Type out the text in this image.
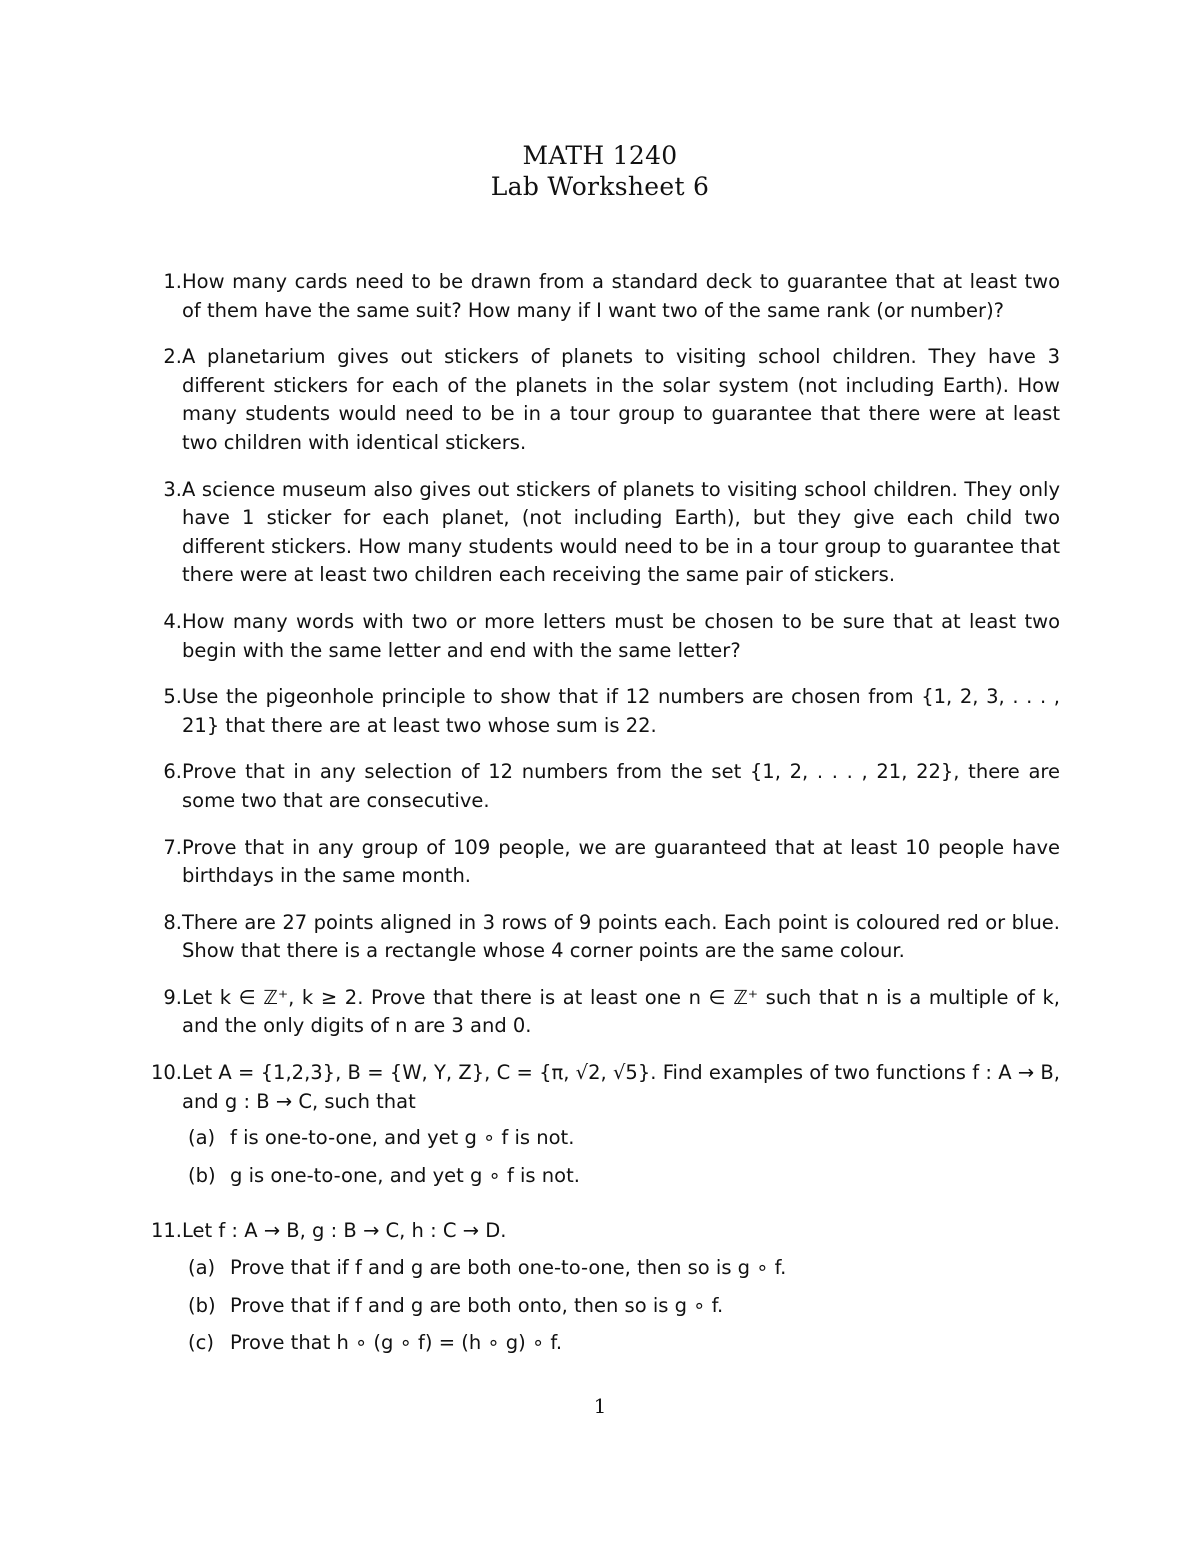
MATH 1240
Lab Worksheet 6
1. How many cards need to be drawn from a standard deck to guarantee that at least two of them have the same suit? How many if I want two of the same rank (or number)?

2. A planetarium gives out stickers of planets to visiting school children. They have 3 different stickers for each of the planets in the solar system (not including Earth). How many students would need to be in a tour group to guarantee that there were at least two children with identical stickers.

3. A science museum also gives out stickers of planets to visiting school children. They only have 1 sticker for each planet, (not including Earth), but they give each child two different stickers. How many students would need to be in a tour group to guarantee that there were at least two children each receiving the same pair of stickers.

4. How many words with two or more letters must be chosen to be sure that at least two begin with the same letter and end with the same letter?

5. Use the pigeonhole principle to show that if 12 numbers are chosen from {1, 2, 3, . . . , 21} that there are at least two whose sum is 22.

6. Prove that in any selection of 12 numbers from the set {1, 2, . . . , 21, 22}, there are some two that are consecutive.

7. Prove that in any group of 109 people, we are guaranteed that at least 10 people have birthdays in the same month.

8. There are 27 points aligned in 3 rows of 9 points each. Each point is coloured red or blue. Show that there is a rectangle whose 4 corner points are the same colour.

9. Let k ∈ ℤ⁺, k ≥ 2. Prove that there is at least one n ∈ ℤ⁺ such that n is a multiple of k, and the only digits of n are 3 and 0.

10. Let A = {1,2,3}, B = {W, Y, Z}, C = {π, √2, √5}. Find examples of two functions f : A → B, and g : B → C, such that

(a) f is one-to-one, and yet g ∘ f is not.
(b) g is one-to-one, and yet g ∘ f is not.
11. Let f : A → B, g : B → C, h : C → D.

(a) Prove that if f and g are both one-to-one, then so is g ∘ f.
(b) Prove that if f and g are both onto, then so is g ∘ f.
(c) Prove that h ∘ (g ∘ f) = (h ∘ g) ∘ f.
1
